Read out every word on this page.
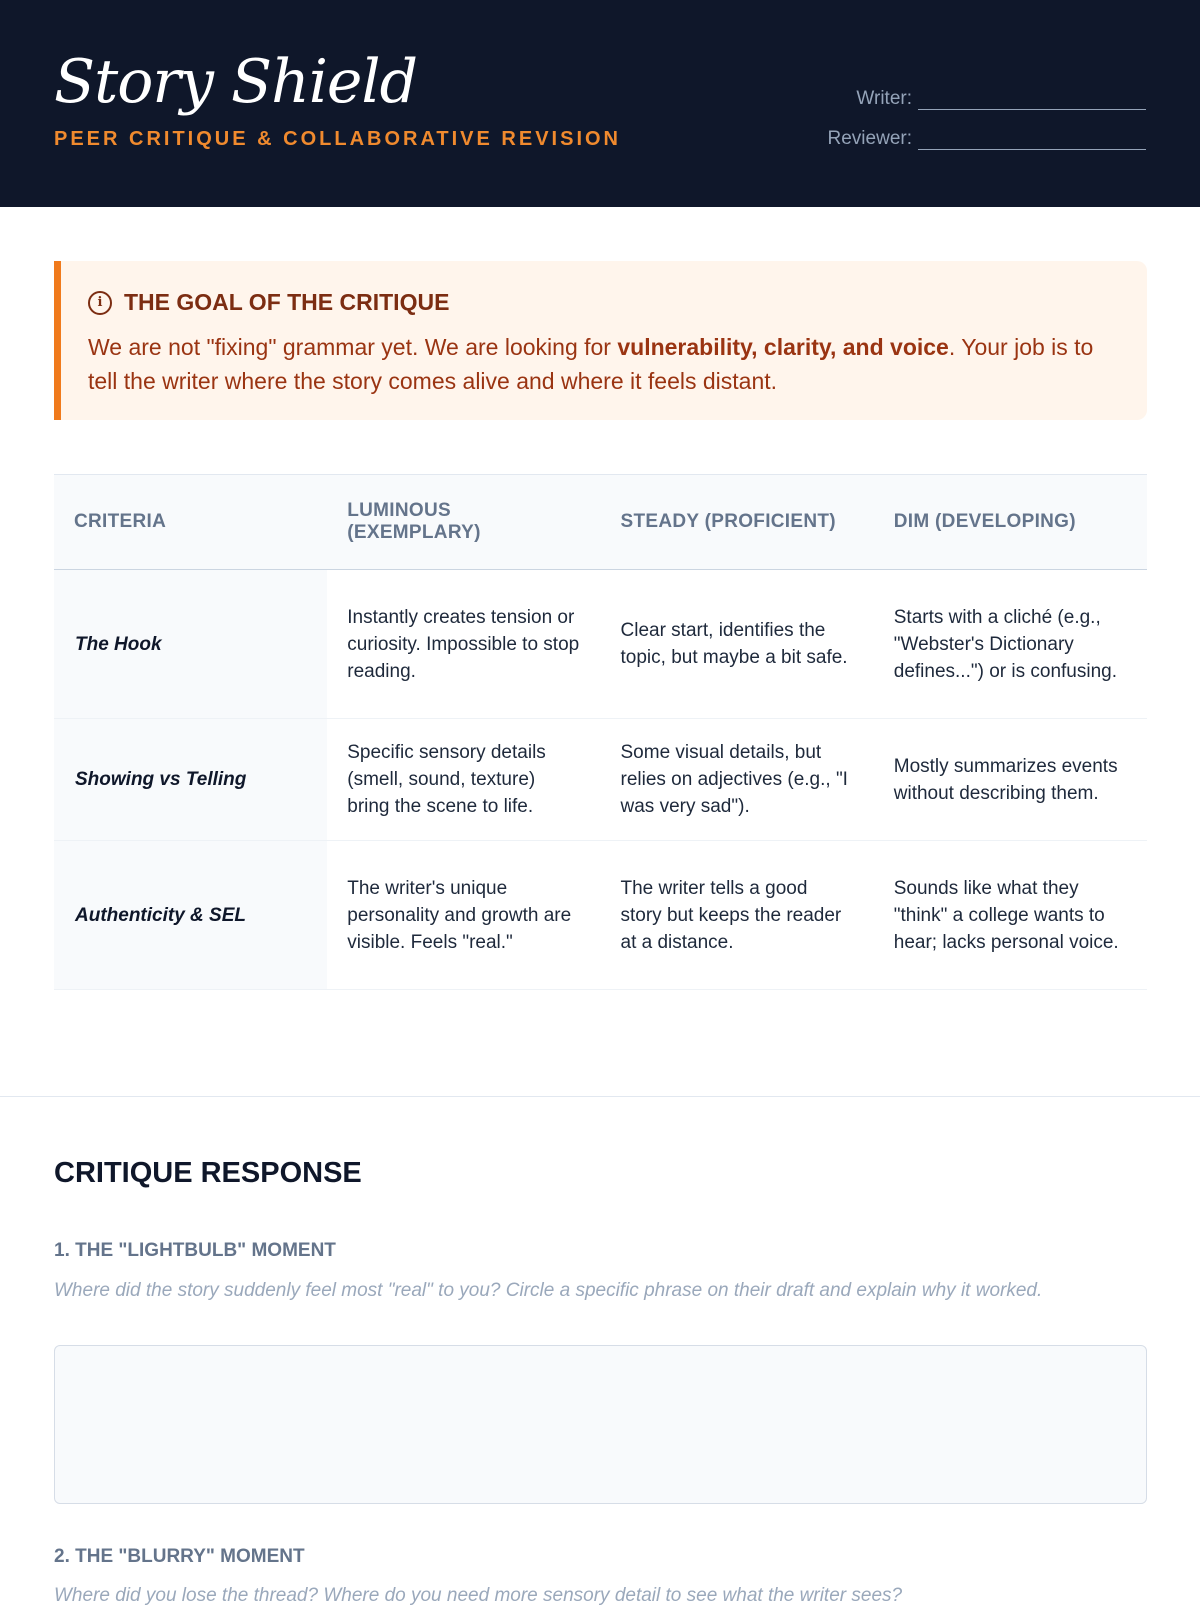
Story Shield
PEER CRITIQUE & COLLABORATIVE REVISION
Writer:
Reviewer:
i THE GOAL OF THE CRITIQUE

We are not "fixing" grammar yet. We are looking for vulnerability, clarity, and voice. Your job is to tell the writer where the story comes alive and where it feels distant.

CRITERIA	LUMINOUS (EXEMPLARY)	STEADY (PROFICIENT)	DIM (DEVELOPING)
The Hook	Instantly creates tension or curiosity. Impossible to stop reading.	Clear start, identifies the topic, but maybe a bit safe.	Starts with a cliché (e.g., "Webster's Dictionary defines...") or is confusing.
Showing vs Telling	Specific sensory details (smell, sound, texture) bring the scene to life.	Some visual details, but relies on adjectives (e.g., "I was very sad").	Mostly summarizes events without describing them.
Authenticity & SEL	The writer's unique personality and growth are visible. Feels "real."	The writer tells a good story but keeps the reader at a distance.	Sounds like what they "think" a college wants to hear; lacks personal voice.
CRITIQUE RESPONSE
1. THE "LIGHTBULB" MOMENT
Where did the story suddenly feel most "real" to you? Circle a specific phrase on their draft and explain why it worked.
2. THE "BLURRY" MOMENT
Where did you lose the thread? Where do you need more sensory detail to see what the writer sees?
